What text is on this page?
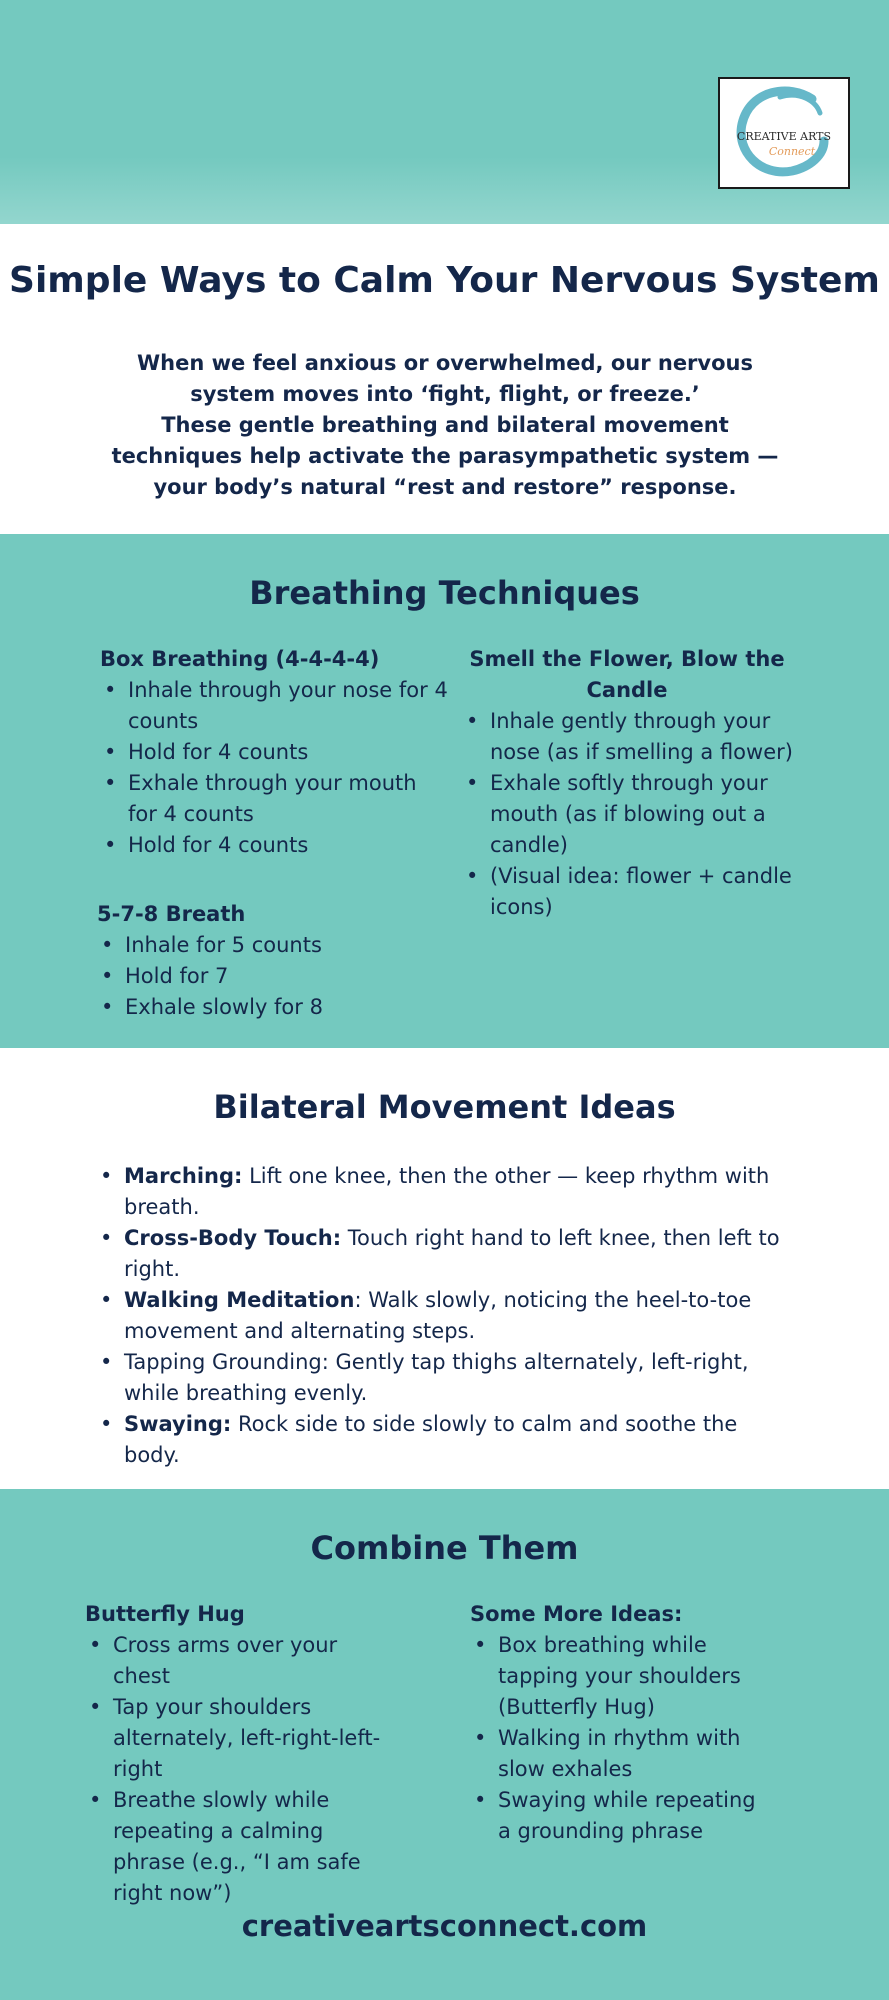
CREATIVE ARTS
Connect
Simple Ways to Calm Your Nervous System

When we feel anxious or overwhelmed, our nervous system moves into ‘fight, flight, or freeze.’
These gentle breathing and bilateral movement techniques help activate the parasympathetic system — your body’s natural “rest and restore” response.

Breathing Techniques

Box Breathing (4-4-4-4)

• Inhale through your nose for 4 counts
• Hold for 4 counts
• Exhale through your mouth for 4 counts
• Hold for 4 counts

5-7-8 Breath

• Inhale for 5 counts
• Hold for 7
• Exhale slowly for 8

Smell the Flower, Blow the Candle

• Inhale gently through your nose (as if smelling a flower)
• Exhale softly through your mouth (as if blowing out a candle)
• (Visual idea: flower + candle icons)
Bilateral Movement Ideas
• Marching: Lift one knee, then the other — keep rhythm with breath.
• Cross-Body Touch: Touch right hand to left knee, then left to right.
• Walking Meditation: Walk slowly, noticing the heel-to-toe movement and alternating steps.
• Tapping Grounding: Gently tap thighs alternately, left-right, while breathing evenly.
• Swaying: Rock side to side slowly to calm and soothe the body.
Combine Them

Butterfly Hug

• Cross arms over your chest
• Tap your shoulders alternately, left-right-left-right
• Breathe slowly while repeating a calming phrase (e.g., “I am safe right now”)

Some More Ideas:

• Box breathing while tapping your shoulders (Butterfly Hug)
• Walking in rhythm with slow exhales
• Swaying while repeating a grounding phrase

creativeartsconnect.com
